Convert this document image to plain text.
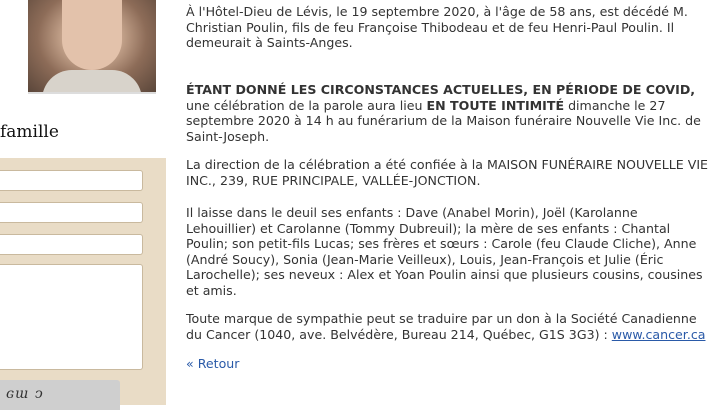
famille
ɢɯ ↄ

À l'Hôtel-Dieu de Lévis, le 19 septembre 2020, à l'âge de 58 ans, est décédé M. Christian Poulin, fils de feu Françoise Thibodeau et de feu Henri-Paul Poulin. Il demeurait à Saints-Anges.

ÉTANT DONNÉ LES CIRCONSTANCES ACTUELLES, EN PÉRIODE DE COVID, une célébration de la parole aura lieu EN TOUTE INTIMITÉ dimanche le 27 septembre 2020 à 14 h au funérarium de la Maison funéraire Nouvelle Vie Inc. de Saint-Joseph.

La direction de la célébration a été confiée à la MAISON FUNÉRAIRE NOUVELLE VIE INC., 239, RUE PRINCIPALE, VALLÉE-JONCTION.

Il laisse dans le deuil ses enfants : Dave (Anabel Morin), Joël (Karolanne Lehouillier) et Carolanne (Tommy Dubreuil); la mère de ses enfants : Chantal Poulin; son petit-fils Lucas; ses frères et sœurs : Carole (feu Claude Cliche), Anne (André Soucy), Sonia (Jean-Marie Veilleux), Louis, Jean-François et Julie (Éric Larochelle); ses neveux : Alex et Yoan Poulin ainsi que plusieurs cousins, cousines et amis.

Toute marque de sympathie peut se traduire par un don à la Société Canadienne du Cancer (1040, ave. Belvédère, Bureau 214, Québec, G1S 3G3) : www.cancer.ca

« Retour
